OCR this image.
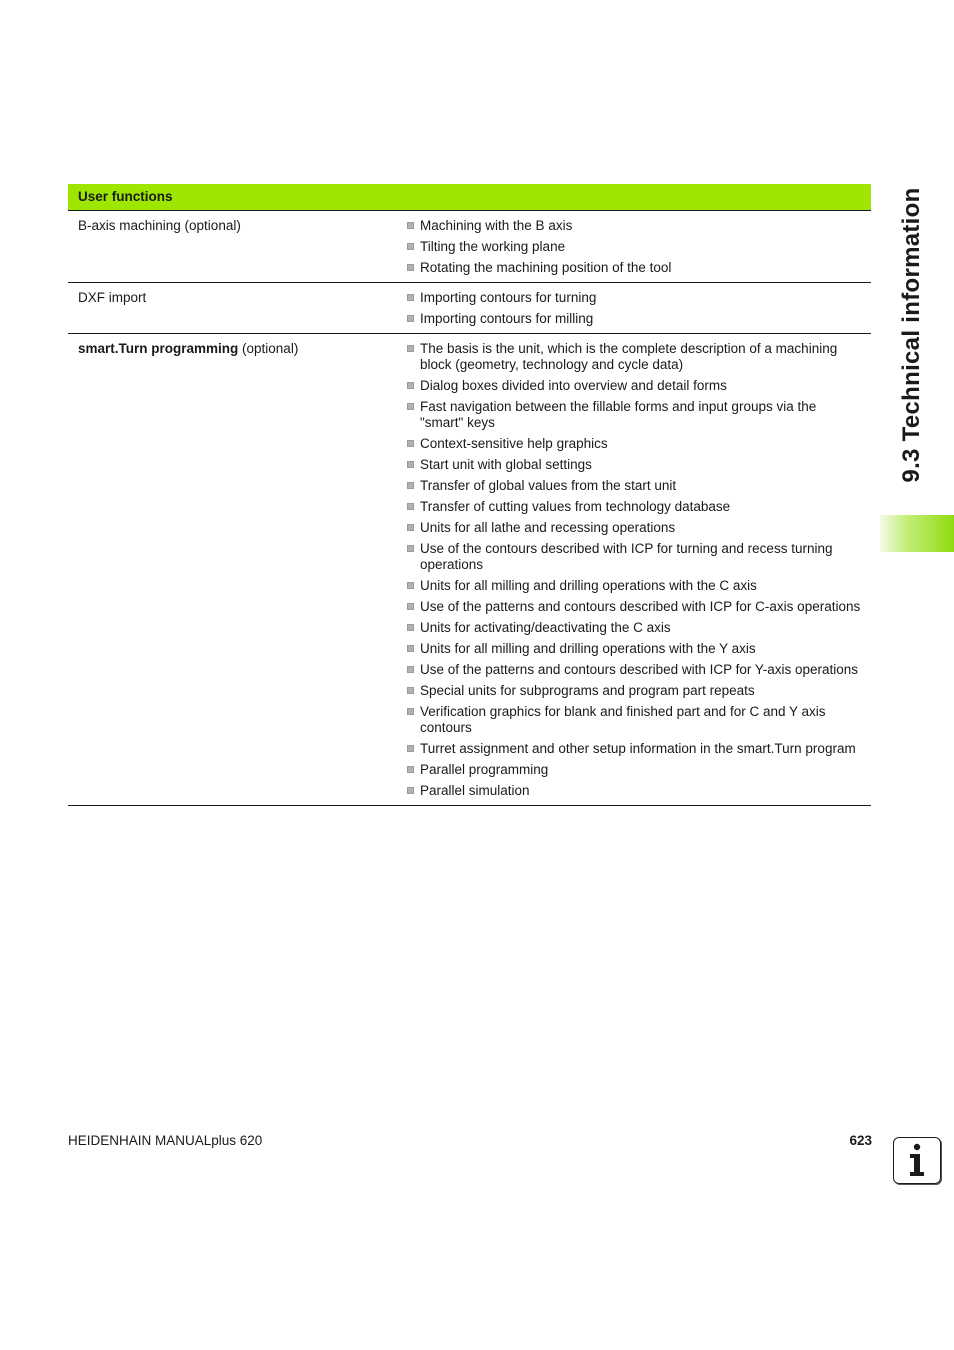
User functions
B-axis machining (optional)	Machining with the B axis
Tilting the working plane
Rotating the machining position of the tool
DXF import	Importing contours for turning
Importing contours for milling
smart.Turn programming (optional)	The basis is the unit, which is the complete description of a machining block (geometry, technology and cycle data)
Dialog boxes divided into overview and detail forms
Fast navigation between the fillable forms and input groups via the "smart" keys
Context-sensitive help graphics
Start unit with global settings
Transfer of global values from the start unit
Transfer of cutting values from technology database
Units for all lathe and recessing operations
Use of the contours described with ICP for turning and recess turning operations
Units for all milling and drilling operations with the C axis
Use of the patterns and contours described with ICP for C-axis operations
Units for activating/deactivating the C axis
Units for all milling and drilling operations with the Y axis
Use of the patterns and contours described with ICP for Y-axis operations
Special units for subprograms and program part repeats
Verification graphics for blank and finished part and for C and Y axis contours
Turret assignment and other setup information in the smart.Turn program
Parallel programming
Parallel simulation
9.3 Technical information
HEIDENHAIN MANUALplus 620	623
